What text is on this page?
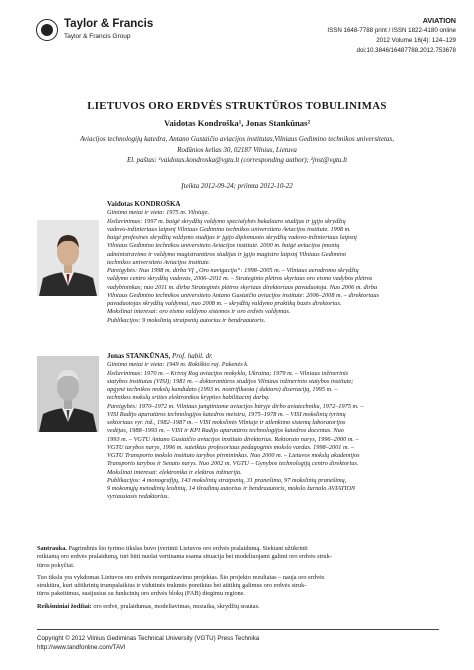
Taylor & Francis
Taylor & Francis Group
AVIATION
ISSN 1648-7788 print / ISSN 1822-4180 online
2012 Volume 16(4): 124–129
doi:10.3846/16487788.2012.753678
LIETUVOS ORO ERDVĖS STRUKTŪROS TOBULINIMAS
Vaidotas Kondroška¹, Jonas Stankūnas²
Aviacijos technologijų katedra, Antano Gustaičio aviacijos institutas,Vilniaus Gedimino technikos universitetas,
Rodūnios kelias 30, 02187 Vilnius, Lietuva
El. paštas: ¹vaidotas.kondroska@vgtu.lt (corresponding author); ²jnst@vgtu.lt
Įteikta 2012-09-24; priimta 2012-10-22
Vaidotas KONDROŠKA
Gimimo metai ir vieta: 1975 m. Vilniuje.
Išsilavinimas: 1997 m. baigė skrydžių valdymo specialybės bakalauro studijas ir įgijo skrydžių
vadovo-inžinieriaus laipsnį Vilniaus Gedimino technikos universiteto Aviacijos institute. 1998 m.
baigė profesines skrydžių valdymo studijas ir įgijo diplomuoto skrydžių vadovo-inžinieriaus laipsnį
Vilniaus Gedimino technikos universiteto Aviacijos institute. 2000 m. baigė aviacijos įmonių
administravimo ir valdymo magistrantūros studijas ir įgijo magistro laipsnį Vilniaus Gedimino
technikos universiteto Aviacijos institute.
Pareigybės: Nuo 1998 m. dirba VĮ „Oro navigacija“: 1998–2005 m. – Vilniaus aerodromo skrydžių
valdymo centro skrydžių vadovas, 2006–2011 m. – Strateginio plėtros skyriaus oro eismo vadybos plėtros
vadybininkas; nuo 2011 m. dirba Strateginės plėtros skyriaus direktoriaus pavaduotoju. Nuo 2006 m. dirba
Vilniaus Gedimino technikos universiteto Antano Gustaičio aviacijos institute: 2006–2008 m. – direktoriaus
pavaduotojas skrydžių valdymui, nuo 2008 m. – skrydžių valdymo praktikų bazės direktorius.
Mokslinai interesai: oro eismo valdymo sistemos ir oro erdvės valdymas.
Publikacijos: 9 mokslinių straipsnių autorius ir bendraautoris.
Jonas STANKŪNAS, Prof. habil. dr.
Gimimo metai ir vieta: 1949 m. Rokiškio raj. Pakenės k.
Išsilavinimas: 1970 m. – Krivoj Rog aviacijos mokykla, Ukraina; 1979 m. – Vilniaus inžinerinis
statybos institutas (VISI); 1981 m. – doktorantūros studijos Vilniaus inžinerinio statybos institute;
apgynė technikos mokslų kandidato (1993 m. nostrifikuota į daktaro) disertaciją, 1995 m. –
technikos mokslų srities elektronikos krypties habilitacinį darbą.
Pareigybės: 1970–1972 m. Vilniaus jungtiniame aviacijos būryje dirbo aviatechniku, 1972–1975 m. –
VISI Radijo aparatūros technologijos katedros meistru, 1975–1978 m. – VISI mokslinių tyrimų
sektoriaus vyr. inž., 1982–1987 m. – VISI mokslinės Vilniuje ir atlenkimo sistemų laboratorijos
vedėjas, 1988–1993 m. – VISI ir KPI Radijo aparatūros technologijos katedros docentas. Nuo
1993 m. – VGTU Antano Gustaičio aviacijos instituto direktorius. Rektorato narys, 1996–2000 m. –
VGTU tarybos narys, 1996 m. suteiktas profesoriaus pedagoginis mokslo vardas. 1998–2001 m. –
VGTU Transporto mokslo instituto tarybos pirmininkas. Nuo 2000 m. – Lietuvos mokslų akademijos
Transporto tarybos ir Senato narys. Nuo 2002 m. VGTU – Gynybos technologijų centro direktorius.
Mokslinai interesai: elektronika ir elektros inžinerija.
Publikacijos: 4 monografijų, 143 mokslinių straipsnių, 31 pranešimo, 97 mokslinių pranešimų,
9 mokomųjų metodinių leidinių, 14 išradimų autorius ir bendraautoris, mokslo žurnalo AVIATION
vyriausiasis redaktorius.
Santrauka. Pagrindinis šio tyrimo tikslas buvo įvertinti Lietuvos oro erdvės pralaidumą. Siekiant užtikrinti
reikiamą oro erdvės pralaidumą, turi būti nuolat vertinama esama situacija bei modeliuojami galimi oro erdvės struk-
tūros pokyčiai.
Tuo tikslu yra vykdomas Lietuvos oro erdvės reorganizavimo projektas. Šio projekto rezultatas – nauja oro erdvės
struktūra, kuri užtikrintų trumpalaikius ir vidutinės trukmės poreikius bei atitiktų galimus oro erdvės struk-
tūros pakeitimus, susijusius su funkcinių oro erdvės blokų (FAB) diegimu regione.
Reikšminiai žodžiai: oro erdvė, pralaidumas, modeliavimas, mozaika, skrydžių srautas.
Copyright © 2012 Vilnius Gediminas Technical University (VGTU) Press Technika
http://www.tandfonline.com/TAVI
